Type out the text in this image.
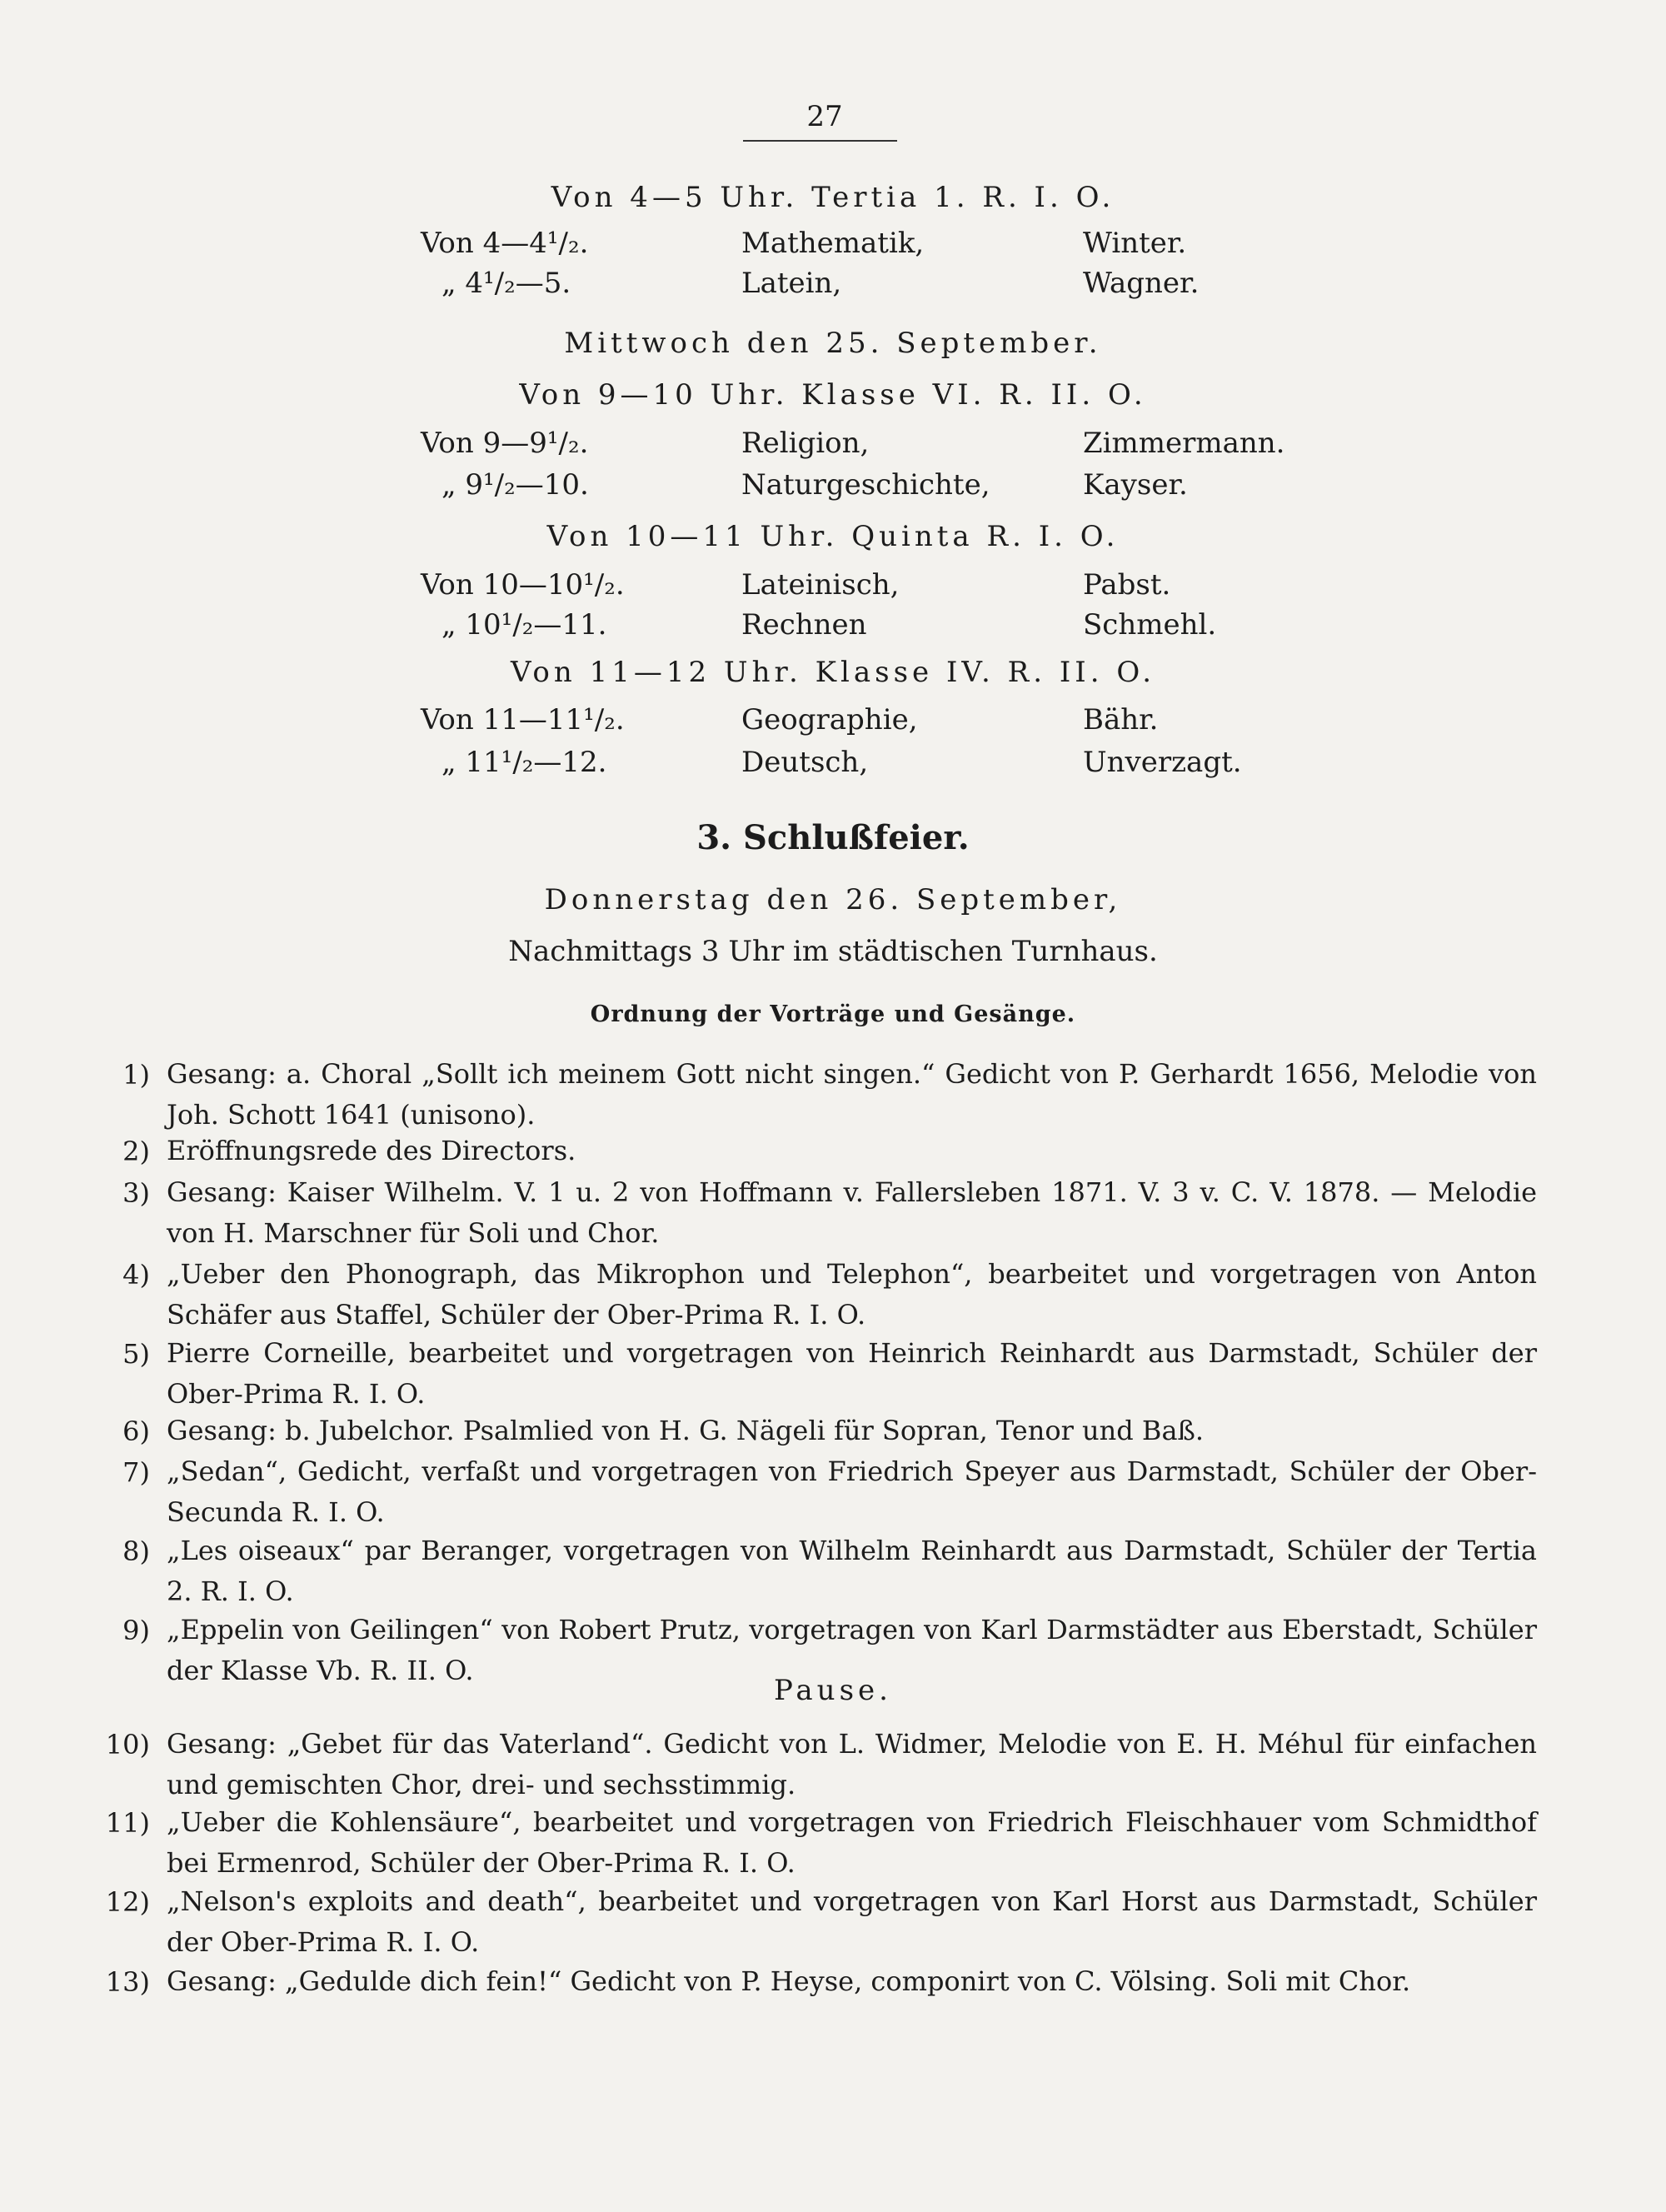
27
Von 4—5 Uhr. Tertia 1. R. I. O.
Von 4—4¹/₂.	Mathematik,	Winter.
„ 4¹/₂—5.	Latein,	Wagner.
Mittwoch den 25. September.
Von 9—10 Uhr. Klasse VI. R. II. O.
Von 9—9¹/₂.	Religion,	Zimmermann.
„ 9¹/₂—10.	Naturgeschichte,	Kayser.
Von 10—11 Uhr. Quinta R. I. O.
Von 10—10¹/₂.	Lateinisch,	Pabst.
„ 10¹/₂—11.	Rechnen	Schmehl.
Von 11—12 Uhr. Klasse IV. R. II. O.
Von 11—11¹/₂.	Geographie,	Bähr.
„ 11¹/₂—12.	Deutsch,	Unverzagt.
3. Schlußfeier.
Donnerstag den 26. September,
Nachmittags 3 Uhr im städtischen Turnhaus.
Ordnung der Vorträge und Gesänge.
1) Gesang: a. Choral „Sollt ich meinem Gott nicht singen.“ Gedicht von P. Gerhardt 1656, Melodie von Joh. Schott 1641 (unisono).
2) Eröffnungsrede des Directors.
3) Gesang: Kaiser Wilhelm. V. 1 u. 2 von Hoffmann v. Fallersleben 1871. V. 3 v. C. V. 1878. — Melodie von H. Marschner für Soli und Chor.
4) „Ueber den Phonograph, das Mikrophon und Telephon“, bearbeitet und vorgetragen von Anton Schäfer aus Staffel, Schüler der Ober-Prima R. I. O.
5) Pierre Corneille, bearbeitet und vorgetragen von Heinrich Reinhardt aus Darmstadt, Schüler der Ober-Prima R. I. O.
6) Gesang: b. Jubelchor. Psalmlied von H. G. Nägeli für Sopran, Tenor und Baß.
7) „Sedan“, Gedicht, verfaßt und vorgetragen von Friedrich Speyer aus Darmstadt, Schüler der Ober-Secunda R. I. O.
8) „Les oiseaux“ par Beranger, vorgetragen von Wilhelm Reinhardt aus Darmstadt, Schüler der Tertia 2. R. I. O.
9) „Eppelin von Geilingen“ von Robert Prutz, vorgetragen von Karl Darmstädter aus Eberstadt, Schüler der Klasse Vb. R. II. O.
Pause.
10) Gesang: „Gebet für das Vaterland“. Gedicht von L. Widmer, Melodie von E. H. Méhul für einfachen und gemischten Chor, drei- und sechsstimmig.
11) „Ueber die Kohlensäure“, bearbeitet und vorgetragen von Friedrich Fleischhauer vom Schmidthof bei Ermenrod, Schüler der Ober-Prima R. I. O.
12) „Nelson's exploits and death“, bearbeitet und vorgetragen von Karl Horst aus Darmstadt, Schüler der Ober-Prima R. I. O.
13) Gesang: „Geduldе dich fein!“ Gedicht von P. Heyse, componirt von C. Völsing. Soli mit Chor.
